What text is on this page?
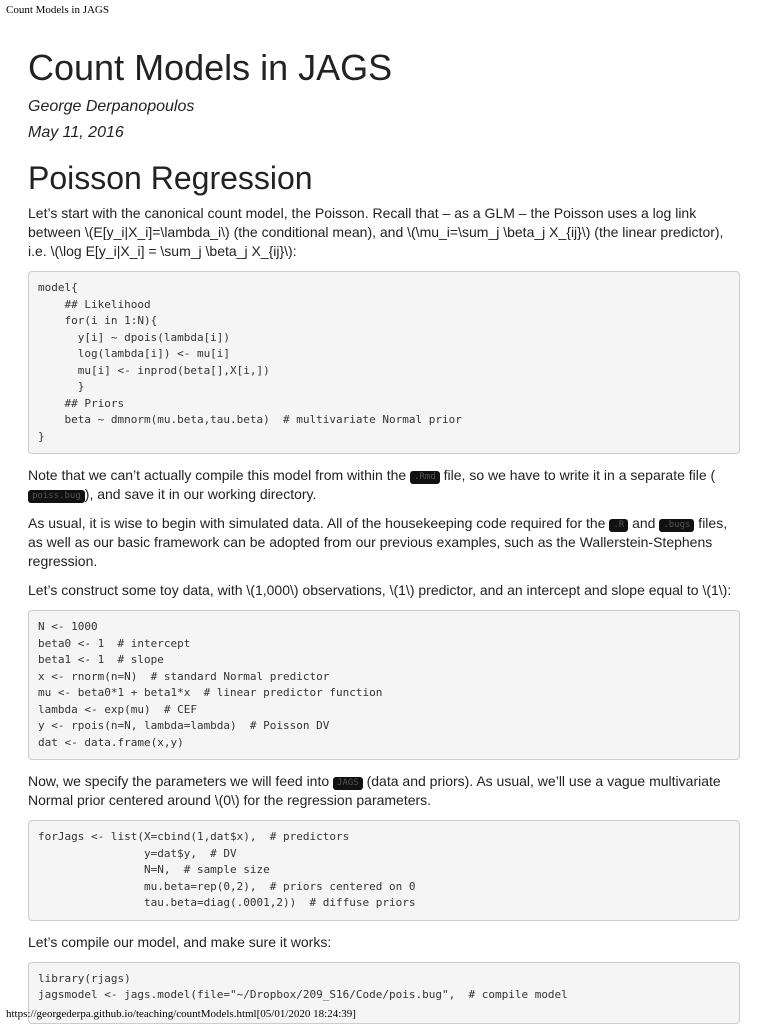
Count Models in JAGS
Count Models in JAGS

George Derpanopoulos

May 11, 2016

Poisson Regression

Let’s start with the canonical count model, the Poisson. Recall that – as a GLM – the Poisson uses a log link between \(E[y_i|X_i]=\lambda_i\) (the conditional mean), and \(\mu_i=\sum_j \beta_j X_{ij}\) (the linear predictor), i.e. \(\log E[y_i|X_i] = \sum_j \beta_j X_{ij}\):

model{
## Likelihood
for(i in 1:N){
y[i] ~ dpois(lambda[i])
log(lambda[i]) <- mu[i]
mu[i] <- inprod(beta[],X[i,])
}
## Priors
beta ~ dmnorm(mu.beta,tau.beta)  # multivariate Normal prior
}

Note that we can’t actually compile this model from within the .Rmd file, so we have to write it in a separate file (poiss.bug ), and save it in our working directory.

As usual, it is wise to begin with simulated data. All of the housekeeping code required for the .R and .bugs files, as well as our basic framework can be adopted from our previous examples, such as the Wallerstein-Stephens regression.

Let’s construct some toy data, with \(1,000\) observations, \(1\) predictor, and an intercept and slope equal to \(1\):

N <- 1000
beta0 <- 1  # intercept
beta1 <- 1  # slope
x <- rnorm(n=N)  # standard Normal predictor
mu <- beta0*1 + beta1*x  # linear predictor function
lambda <- exp(mu)  # CEF
y <- rpois(n=N, lambda=lambda)  # Poisson DV
dat <- data.frame(x,y)

Now, we specify the parameters we will feed into JAGS (data and priors). As usual, we’ll use a vague multivariate Normal prior centered around \(0\) for the regression parameters.

forJags <- list(X=cbind(1,dat$x),  # predictors
y=dat$y,  # DV
N=N,  # sample size
mu.beta=rep(0,2),  # priors centered on 0
tau.beta=diag(.0001,2))  # diffuse priors

Let’s compile our model, and make sure it works:

library(rjags)
jagsmodel <- jags.model(file="~/Dropbox/209_S16/Code/pois.bug",  # compile model
https://georgederpa.github.io/teaching/countModels.html[05/01/2020 18:24:39]
